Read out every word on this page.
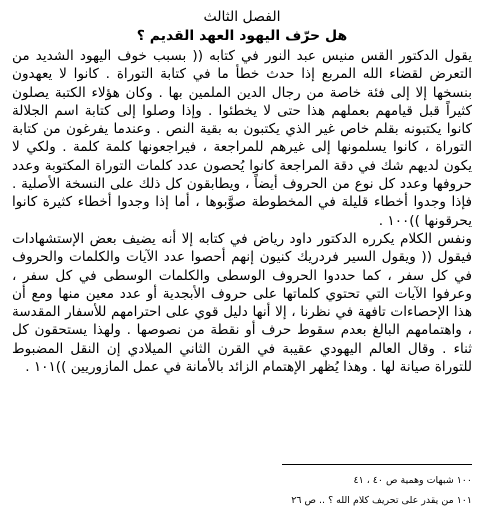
الفصل الثالث
هل حرّف اليهود العهد القديم ؟

يقول الدكتور القس منيس عبد النور في كتابه (( بسبب خوف اليهود الشديد من التعرض لقضاء الله المربع إذا حدث خطأ ما في كتابة التوراة . كانوا لا يعهدون بنسخها إلا إلى فئة خاصة من رجال الدين الملمين بها . وكان هؤلاء الكتبة يصلون كثيراً قبل قيامهم بعملهم هذا حتى لا يخطئوا . وإذا وصلوا إلى كتابة اسم الجلالة كانوا يكتبونه بقلم خاص غير الذي يكتبون به بقية النص . وعندما يفرغون من كتابة التوراة ، كانوا يسلمونها إلى غيرهم للمراجعة ، فيراجعونها كلمة كلمة . ولكي لا يكون لديهم شك في دقة المراجعة كانوا يُحصون عدد كلمات التوراة المكتوبة وعدد حروفها وعدد كل نوع من الحروف أيضاً ، ويطابقون كل ذلك على النسخة الأصلية . فإذا وجدوا أخطاء قليلة في المخطوطة صوَّبوها ، أما إذا وجدوا أخطاء كثيرة كانوا يحرقونها ))١٠٠ .

ونفس الكلام يكرره الدكتور داود رياض في كتابه إلا أنه يضيف بعض الإستشهادات فيقول (( ويقول السير فردريك كنيون إنهم أحصوا عدد الآيات والكلمات والحروف في كل سفر ، كما حددوا الحروف الوسطى والكلمات الوسطى في كل سفر ، وعرفوا الآيات التي تحتوي كلماتها على حروف الأبجدية أو عدد معين منها ومع أن هذا الإحصاءات تافهة في نظرنا ، إلا أنها دليل قوي على احترامهم للأسفار المقدسة ، واهتمامهم البالغ بعدم سقوط حرف أو نقطة من نصوصها . ولهذا يستحقون كل ثناء . وقال العالم اليهودي عقيبة في القرن الثاني الميلادي إن النقل المضبوط للتوراة صيانة لها . وهذا يُظهر الإهتمام الزائد بالأمانة في عمل المازوريين ))١٠١ .

١٠٠ شبهات وهمية ص ٤٠ ، ٤١

١٠١ من يقدر على تحريف كلام الله ؟ .. ص ٢٦
